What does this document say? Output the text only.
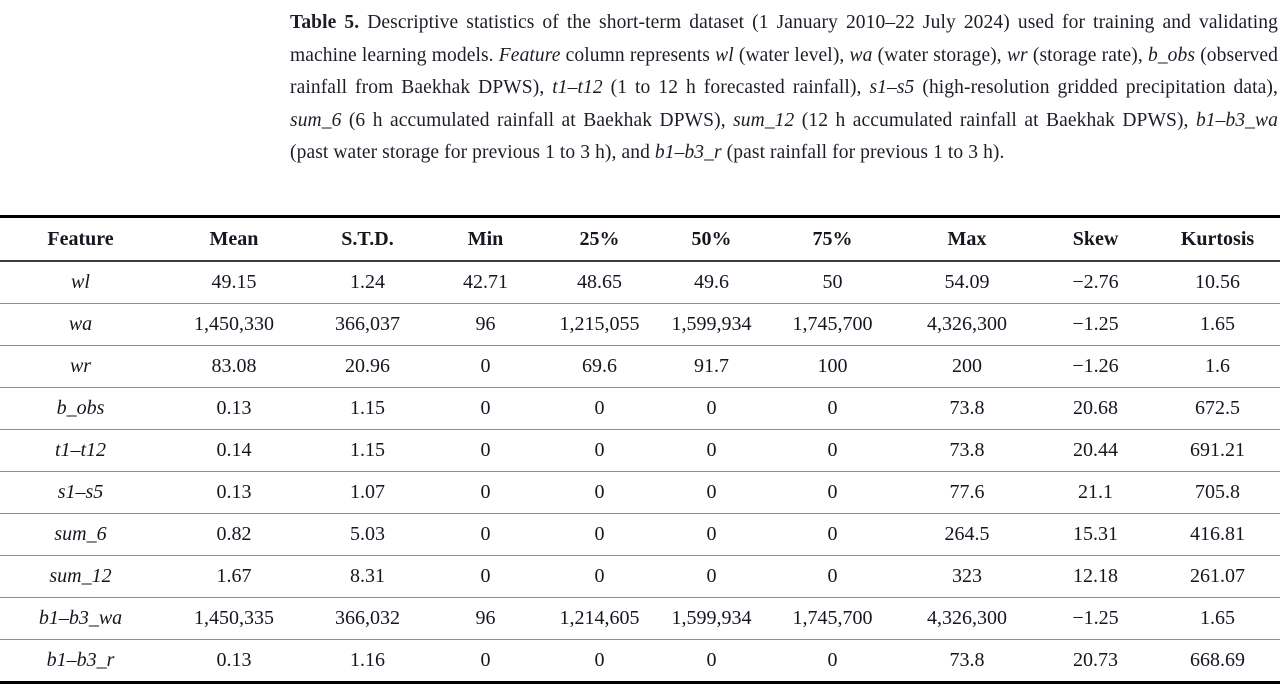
Table 5. Descriptive statistics of the short-term dataset (1 January 2010–22 July 2024) used for training and validating machine learning models. Feature column represents wl (water level), wa (water storage), wr (storage rate), b_obs (observed rainfall from Baekhak DPWS), t1–t12 (1 to 12 h forecasted rainfall), s1–s5 (high-resolution gridded precipitation data), sum_6 (6 h accumulated rainfall at Baekhak DPWS), sum_12 (12 h accumulated rainfall at Baekhak DPWS), b1–b3_wa (past water storage for previous 1 to 3 h), and b1–b3_r (past rainfall for previous 1 to 3 h).
Feature	Mean	S.T.D.	Min	25%	50%	75%	Max	Skew	Kurtosis
wl	49.15	1.24	42.71	48.65	49.6	50	54.09	−2.76	10.56
wa	1,450,330	366,037	96	1,215,055	1,599,934	1,745,700	4,326,300	−1.25	1.65
wr	83.08	20.96	0	69.6	91.7	100	200	−1.26	1.6
b_obs	0.13	1.15	0	0	0	0	73.8	20.68	672.5
t1–t12	0.14	1.15	0	0	0	0	73.8	20.44	691.21
s1–s5	0.13	1.07	0	0	0	0	77.6	21.1	705.8
sum_6	0.82	5.03	0	0	0	0	264.5	15.31	416.81
sum_12	1.67	8.31	0	0	0	0	323	12.18	261.07
b1–b3_wa	1,450,335	366,032	96	1,214,605	1,599,934	1,745,700	4,326,300	−1.25	1.65
b1–b3_r	0.13	1.16	0	0	0	0	73.8	20.73	668.69
